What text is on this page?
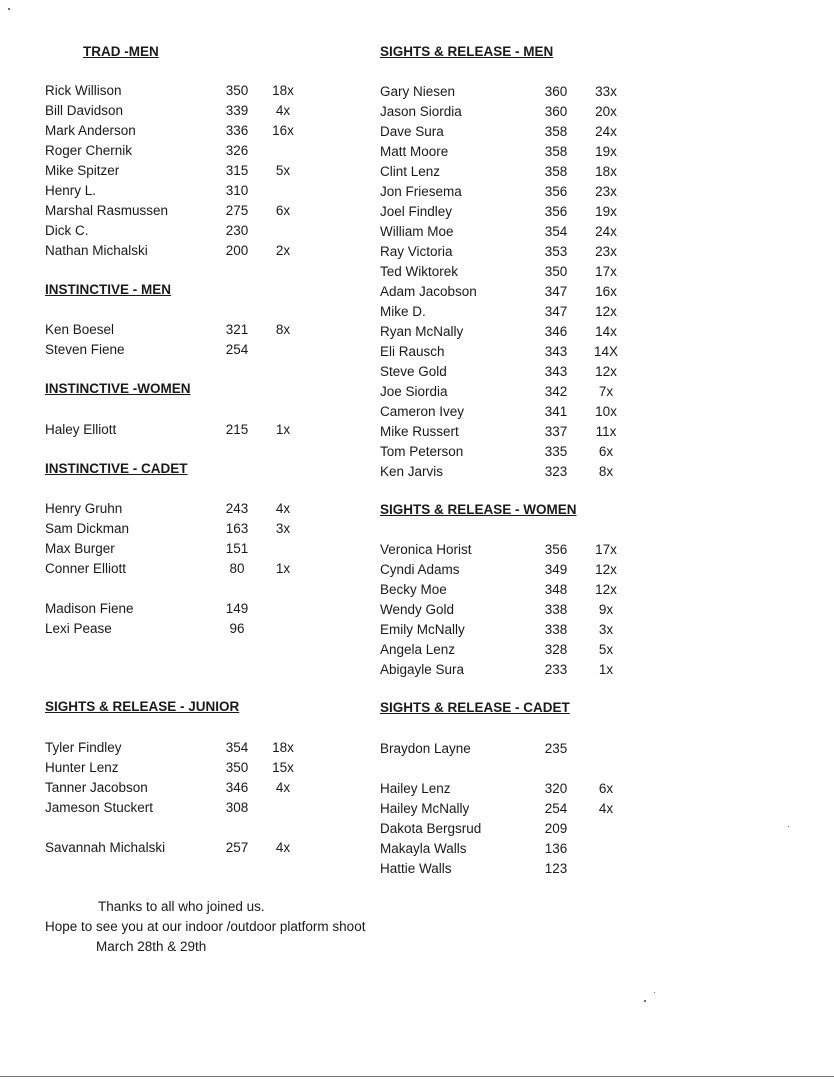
TRAD -MEN
Rick Willison	350	18x
Bill Davidson	339	4x
Mark Anderson	336	16x
Roger Chernik	326
Mike Spitzer	315	5x
Henry L.	310
Marshal Rasmussen	275	6x
Dick C.	230
Nathan Michalski	200	2x
INSTINCTIVE - MEN
Ken Boesel	321	8x
Steven Fiene	254
INSTINCTIVE -WOMEN
Haley Elliott	215	1x
INSTINCTIVE - CADET
Henry Gruhn	243	4x
Sam Dickman	163	3x
Max Burger	151
Conner Elliott	80	1x
Madison Fiene	149
Lexi Pease	96
SIGHTS & RELEASE - JUNIOR
Tyler Findley	354	18x
Hunter Lenz	350	15x
Tanner Jacobson	346	4x
Jameson Stuckert	308
Savannah Michalski	257	4x
SIGHTS & RELEASE - MEN
Gary Niesen	360	33x
Jason Siordia	360	20x
Dave Sura	358	24x
Matt Moore	358	19x
Clint Lenz	358	18x
Jon Friesema	356	23x
Joel Findley	356	19x
William Moe	354	24x
Ray Victoria	353	23x
Ted Wiktorek	350	17x
Adam Jacobson	347	16x
Mike D.	347	12x
Ryan McNally	346	14x
Eli Rausch	343	14X
Steve Gold	343	12x
Joe Siordia	342	7x
Cameron Ivey	341	10x
Mike Russert	337	11x
Tom Peterson	335	6x
Ken Jarvis	323	8x
SIGHTS & RELEASE - WOMEN
Veronica Horist	356	17x
Cyndi Adams	349	12x
Becky Moe	348	12x
Wendy Gold	338	9x
Emily McNally	338	3x
Angela Lenz	328	5x
Abigayle Sura	233	1x
SIGHTS & RELEASE - CADET
Braydon Layne	235
Hailey Lenz	320	6x
Hailey McNally	254	4x
Dakota Bergsrud	209
Makayla Walls	136
Hattie Walls	123
Thanks to all who joined us.
Hope to see you at our indoor /outdoor platform shoot
March 28th & 29th
